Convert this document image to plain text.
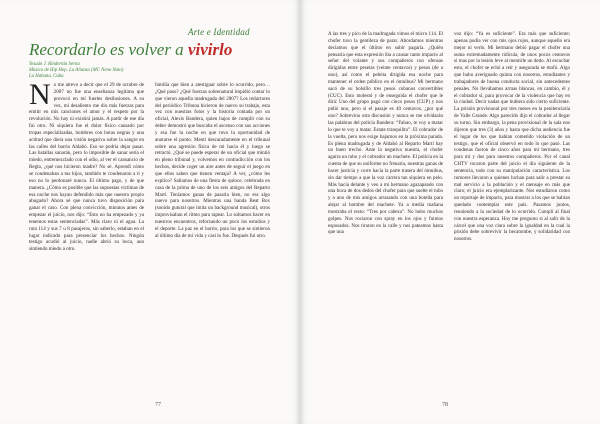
Arte e Identidad
Recordarlo es volver a vivirlo
Yesuán J. Rindertán Serna
Músico de Hip Hop. La Alianza (MC Neno Nato)
La Habana, Cuba

No me atrevo a decir que el 29 de octubre de 2007 no fue una enseñanza legítima que provocó en mí fuertes desilusiones. A su vez, mi desaliento me dio más fuerzas para emitir en mis canciones el amor y el respeto por la revolución. No hay ni existirá jamás. A partir de ese día fui otro. Ni siquiera fue el dolor físico causado por tropas especializadas, hombres con botas negras y una actitud que diera una visión negativa sobre la sangre en las calles del barrio Aldabó. Eso se podría dejar pasar. Las batallas sanarán, pero lo imposible de sanar sería el miedo, entremezclado con el odio, al ver el cansancio de Regla, ¿qué nos hicieron madre? No sé. Aprendí cómo se condenaban a tus hijos, también te condenaron a ti y eso no lo perdonaré nunca. El último pago, y de que manera. ¿Cómo es posible que las supuestas víctimas de esa noche nos hayan defendido más que nuestro propio abogado? Ahora sé que nunca tuvo disposición para ganar el caso. Con plena convicción, minutos antes de empezar el juicio, nos dijo: “Esto no ha empezado y ya tenemos estas sentenciadas”. Más claro ni el agua. La ruta 114 y sus 7 u 8 pasajeros, sin saberlo, estaban en el lugar indicado para presenciar los hechos. Ningún testigo acudió al juicio, nadie abrió su boca, aun sintiendo miedo a otro.

familia que bien a atestiguar sobre lo ocurrido, pero… ¿Qué paso? ¿Qué fuerzas sobrenatural impidió contar lo que vieron aquella madrugada del 2007? Los redactores del periódico Tribuna hicieron de nuevo su trabajo, esta vez con nuestras fotos y la historia contada por un oficial, Alexis Bandera, quien bajos de cumplir con su deber demostró que buscaba el ascenso con sus acciones y esa fue la noche en que tuvo la oportunidad de anotarse el punto. Mentí descaradamente en el tribunal sobre una agresión física de mi hacia él y luego se retractó. ¿Qué se puede esperar de un oficial que mintió en pleno tribunal y, volvemos en contradicción con los hechos, decide coger un aire antes de seguir el juego en que ellos saben que tienen ventaja? A ver, ¿cómo les explico? Saliamos de una fiesta de quince, celebrada en casa de la prima de uno de los seis amigos del Reparto Martí. Teníamos ganas de pasarla bien, no era algo nuevo para nosotros. Mientras una banda Beat Box (sonido gutural que imita un background musical), otros improvisaban el ritmo para rapear. Lo soltamos hacer en nuestros encuentros, reforzando un poco los estudios y el deporte. La paz en el barrio, para los que se sintieron al último día de mi vida y casi lo fue. Después fui otro.

77

A las tres y pico de la madrugada vimos el micro 114. El chofer tuvo la gentileza de parar. Abordamos mientras decíamos que el último en subir pagaría. ¿Quién pensaría que esta expresión iba a causar tanto impacto al señor del volante y sus compañeros con ofensas dirigidas entre pesetas (veinte centavos) y pesos (de a uno), así como el peleita dirigida esa noche para mantener el orden público en el ómnibus? Mi hermano sacó de su bolsillo tres pesos cubanos convertibles (CUC). Esto molestó y de enseguida el chofer que le dirá: Uno del grupo pagó con cinco pesos (CUP) y nos pidió uno, pero si el pasaje es 40 centavos, ¿por qué uno? Sobrevino otra discusión y nunca se me olvidarán las palabras del policía Bandera: “Fabao, te voy a matar lo que te voy a matar. Estate tranquilito”. El cobrador de la vuelta, pero nos exige bajarnos en la próxima parada. Es plena madrugada y de Aldabó al Reparto Martí hay un buen trecho. Ante la negativa nuestra, el chofer agarra un tubo y el cobrador un machete. El policía en la cuenta de que su uniforme no frenaría, nuestras ganas de hacer justicia y corre hacia la parte trasera del ómnibus, sin dar tiempo a que la voz carrera tan siquiera en pelo. Más hacia delante y veo a mi hermano agazapando con una boca de dos dedos del chofer para que suelte el tubo y a uno de mis amigos arrasando con una botella para alejar al hombre del machete. Ya a media mañana mostraba el resto: “Tres por cabeza”. No hubo muchos golpes. Nos rociaron con spray en los ojos y fuimos esposados. Nos tiraron en la calle y nos pateamos hasta que una

voz dijo: “Ya es suficiente”. Era más que suficiente; apenas podía ver con mis ojos rojos, aunque aquello era mejor ni verlo. Mi hermano debió pagar el chofer una suma extremadamente ridícula, de unos pocos centavos si mas por la lesión leve al mentirle un dedo. Al escuchar esto, el chofer se echó a reír y asegurada se mofó. Algo que hubo averiguado quinta con nosotros, estudiantes y trabajadores de buena conducta social, sin antecedentes penales. No llevábamos armas blancas, en cambio, él y el cobrador sí, para provocar de la violencia que hay en la ciudad. Decir nadas que hubiera sido cierto suficiente. La prisión provisional por tres meses en la penitenciaría de Valle Grande. Algo parecido dijo el cobrador al llegar su turno. Sin embargo, la pena provisional de la sala nos dijeron que tres (3) años y hasta que dicha audiencia fue el lugar de los que habían cometido violación de un testigo, que el oficial observó en todo lo que pasó. Las condenas fueron de cinco años para mi hermano, tres para mí y dos para nuestros compañeros. Por el canal CHTV tocaron parte del juicio el día siguiente de la sentencia, todo con su manipulación característica. Los rumores llevaron a quienes luchan para salir a prestar su mal servicio a la población y el mensaje en más que claro; el juicio era ejemplarizante. Nos estudiaron como un reportaje de impacto, para mostrar a los que se habían quedado contemplar este país. Pasamos juntos, reuniendo a la sociedad de lo ocurrido. Cumplí al final con nuestra esperanza. Hoy me pregunto si al salir de la cárcel que una voz clara sobre la igualdad en la cual la prisión debe sobrevivir la hecatombe, y solidaridad con nosotros.

78
